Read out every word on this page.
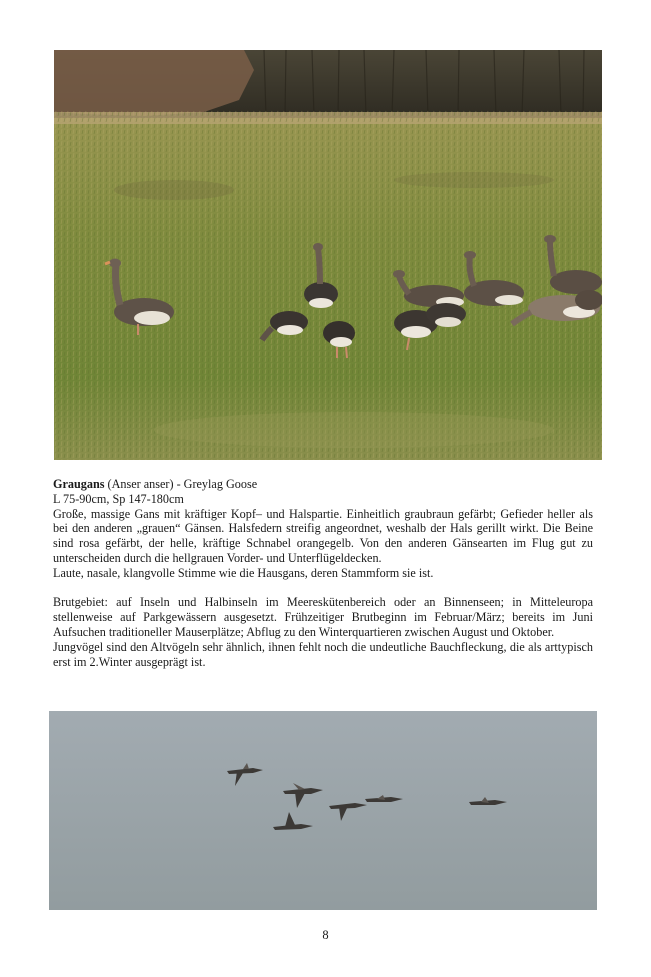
Graugans (Anser anser) - Greylag Goose

L 75-90cm, Sp 147-180cm

Große, massige Gans mit kräftiger Kopf– und Halspartie. Einheitlich graubraun gefärbt; Gefieder heller als bei den anderen „grauen“ Gänsen. Halsfedern streifig angeordnet, weshalb der Hals gerillt wirkt. Die Beine sind rosa gefärbt, der helle, kräftige Schnabel orangegelb. Von den anderen Gänsearten im Flug gut zu unterscheiden durch die hellgrauen Vorder- und Unterflügeldecken.

Laute, nasale, klangvolle Stimme wie die Hausgans, deren Stammform sie ist.

Brutgebiet: auf Inseln und Halbinseln im Meereskütenbereich oder an Binnenseen; in Mitteleuropa stellenweise auf Parkgewässern ausgesetzt. Frühzeitiger Brutbeginn im Februar/März; bereits im Juni Aufsuchen traditioneller Mauserplätze; Abflug zu den Winterquartieren zwischen August und Oktober.

Jungvögel sind den Altvögeln sehr ähnlich, ihnen fehlt noch die undeutliche Bauchfleckung, die als arttypisch erst im 2.Winter ausgeprägt ist.

8
